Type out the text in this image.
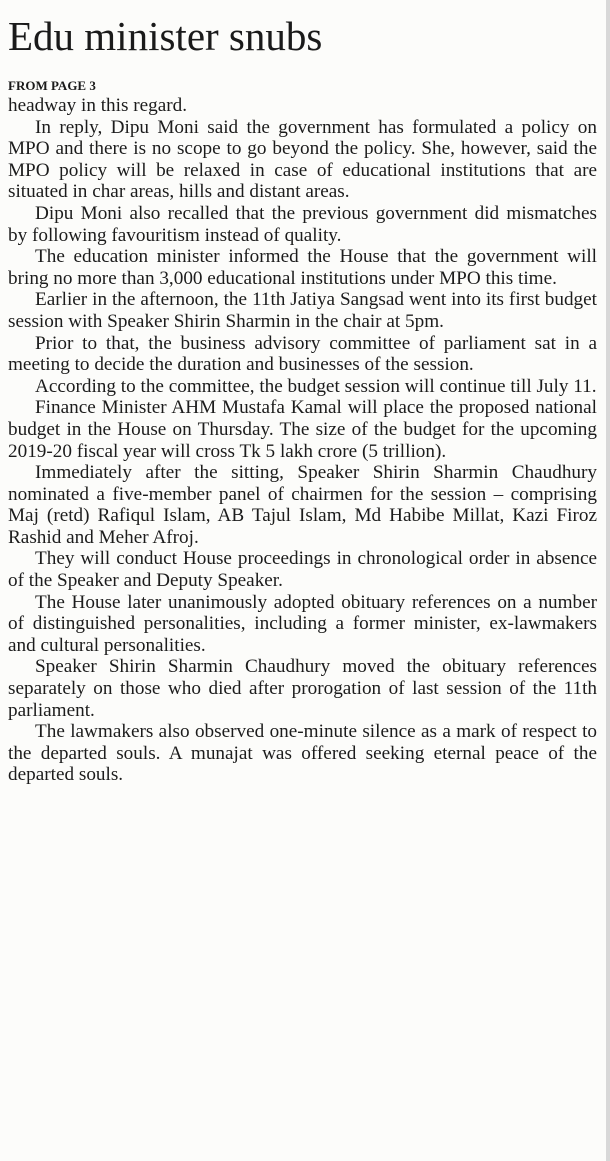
Edu minister snubs
FROM PAGE 3

headway in this regard.

In reply, Dipu Moni said the government has formulated a policy on MPO and there is no scope to go beyond the policy. She, however, said the MPO policy will be relaxed in case of educational institutions that are situated in char areas, hills and distant areas.

Dipu Moni also recalled that the previous government did mismatches by following favouritism instead of quality.

The education minister informed the House that the government will bring no more than 3,000 educational institutions under MPO this time.

Earlier in the afternoon, the 11th Jatiya Sangsad went into its first budget session with Speaker Shirin Sharmin in the chair at 5pm.

Prior to that, the business advisory committee of parliament sat in a meeting to decide the duration and businesses of the session.

According to the committee, the budget session will continue till July 11.

Finance Minister AHM Mustafa Kamal will place the proposed national budget in the House on Thursday. The size of the budget for the upcoming 2019-20 fiscal year will cross Tk 5 lakh crore (5 trillion).

Immediately after the sitting, Speaker Shirin Sharmin Chaudhury nominated a five-member panel of chairmen for the session – comprising Maj (retd) Rafiqul Islam, AB Tajul Islam, Md Habibe Millat, Kazi Firoz Rashid and Meher Afroj.

They will conduct House proceedings in chronological order in absence of the Speaker and Deputy Speaker.

The House later unanimously adopted obituary references on a number of distinguished personalities, including a former minister, ex-lawmakers and cultural personalities.

Speaker Shirin Sharmin Chaudhury moved the obituary references separately on those who died after prorogation of last session of the 11th parliament.

The lawmakers also observed one-minute silence as a mark of respect to the departed souls. A munajat was offered seeking eternal peace of the departed souls.
